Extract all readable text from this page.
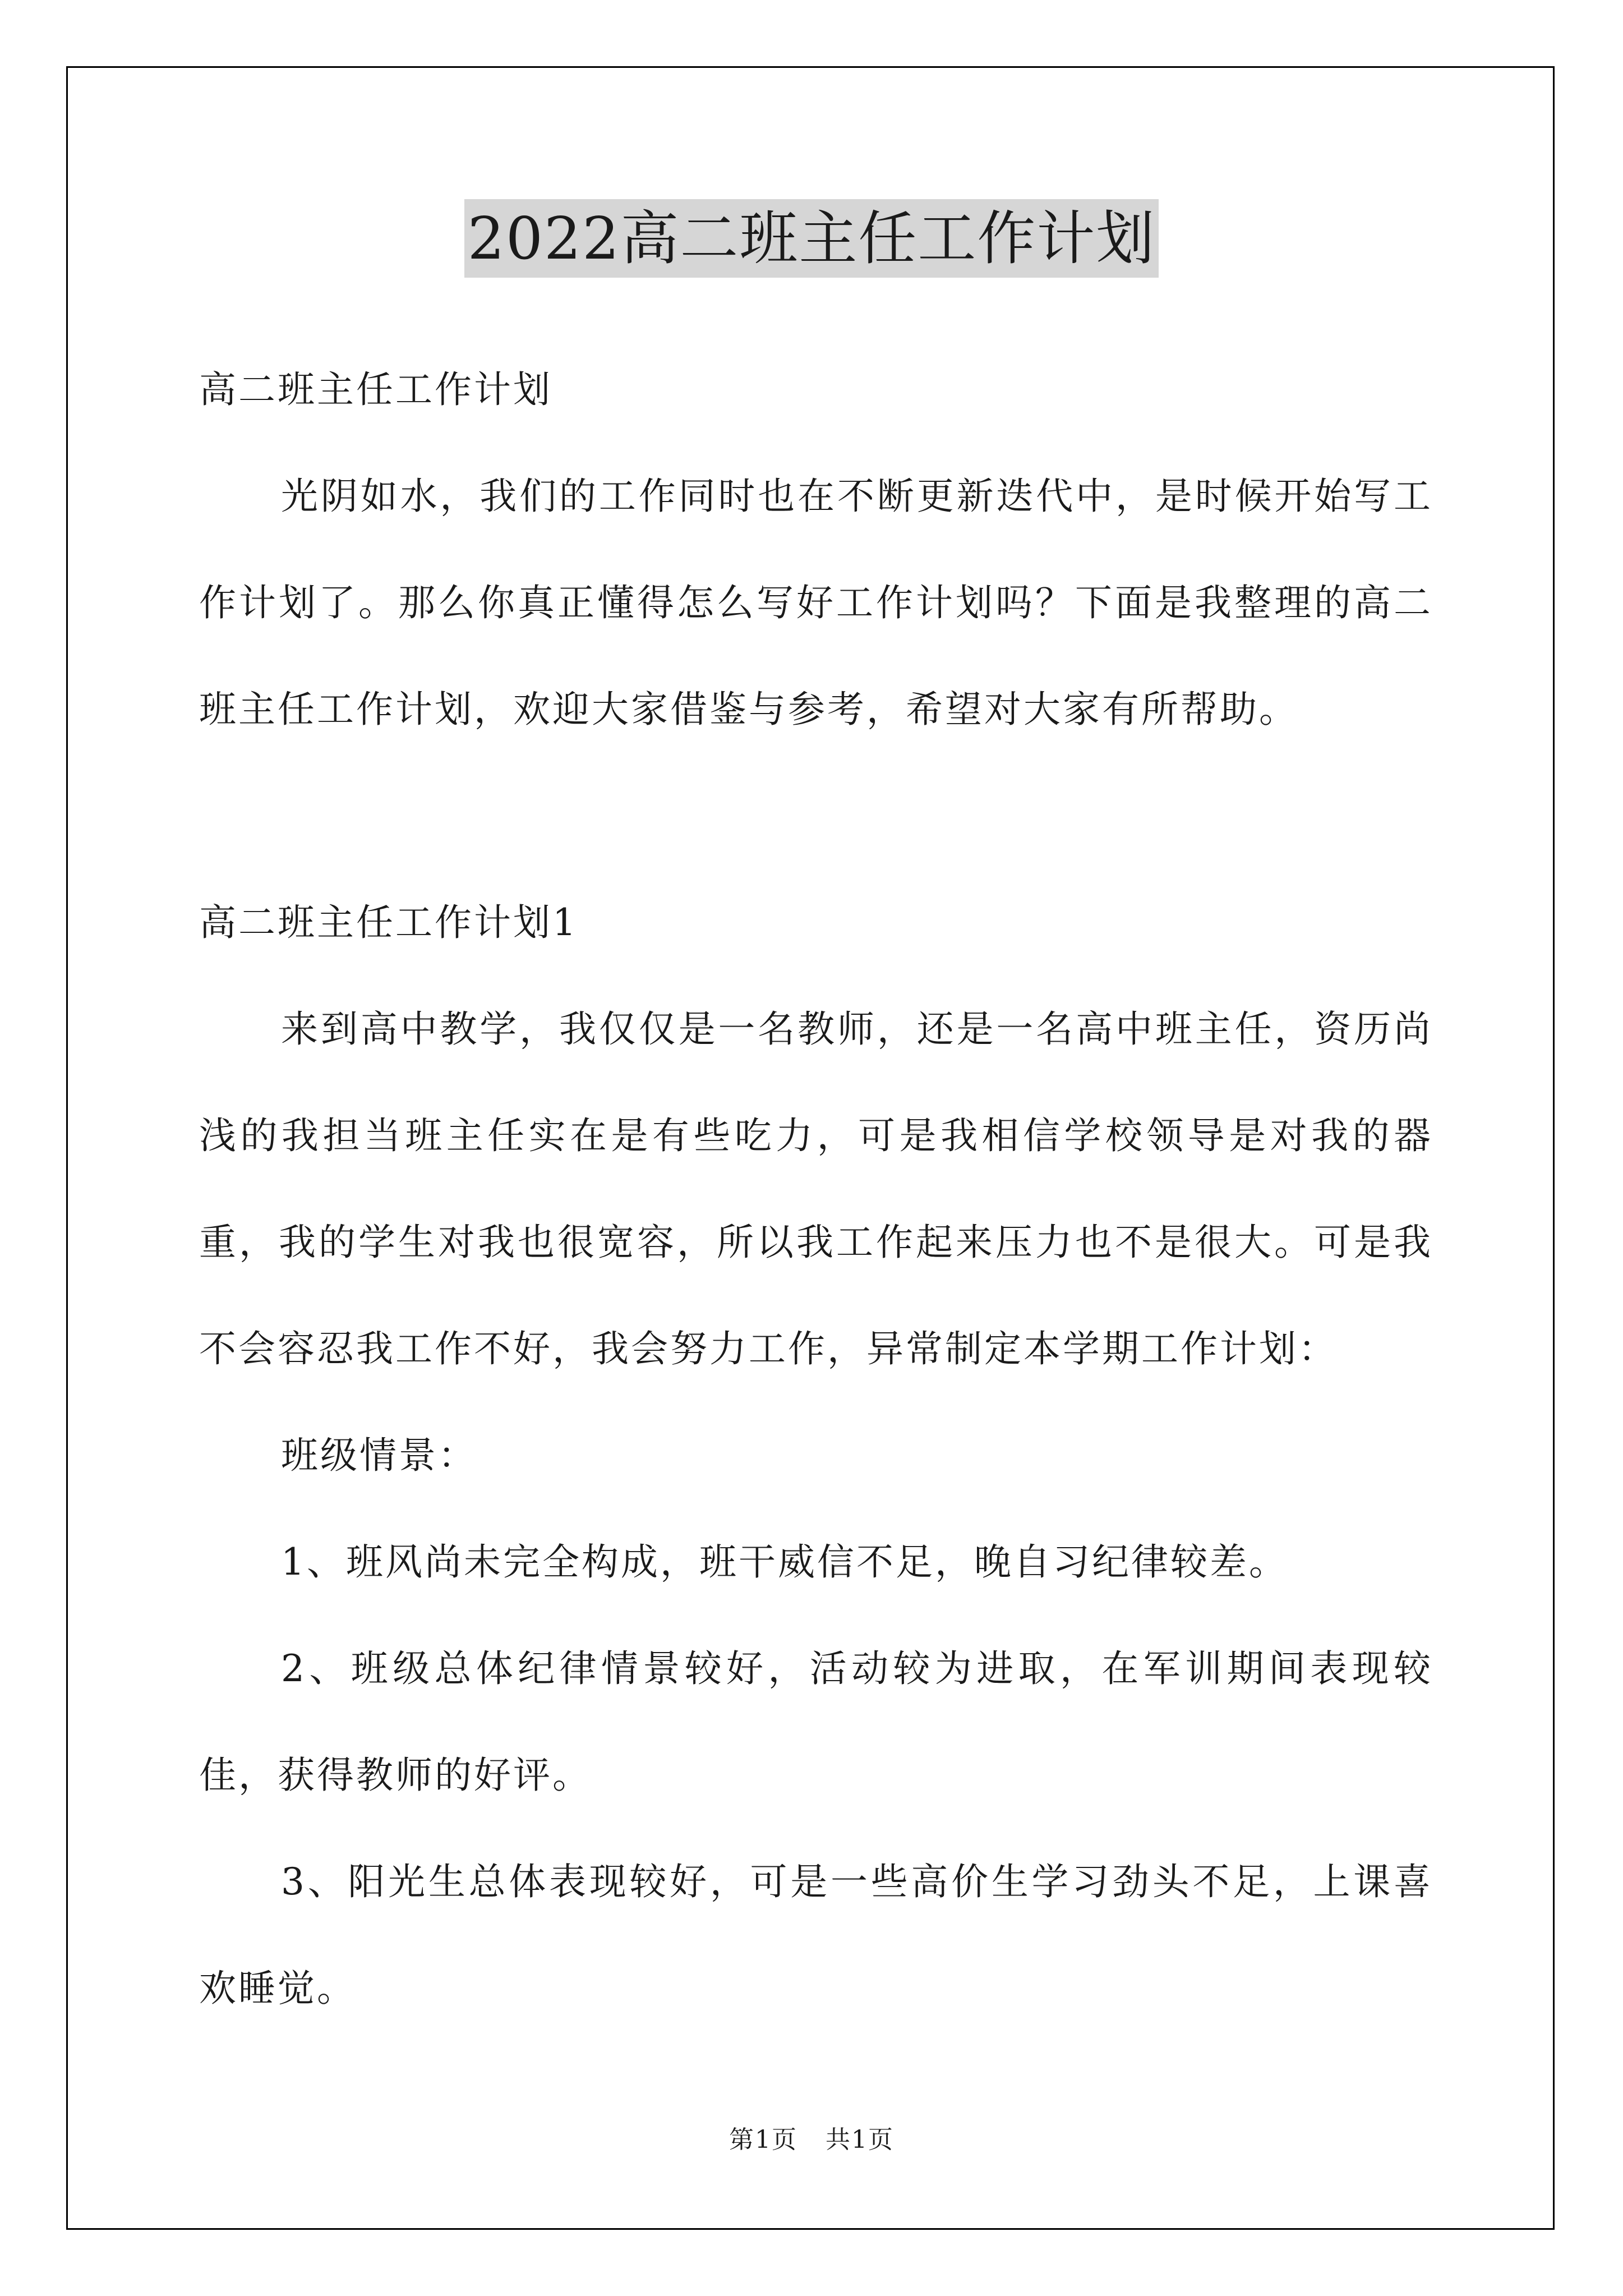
2022高二班主任工作计划

高二班主任工作计划

光阴如水，我们的工作同时也在不断更新迭代中，是时候开始写工作计划了。那么你真正懂得怎么写好工作计划吗？下面是我整理的高二班主任工作计划，欢迎大家借鉴与参考，希望对大家有所帮助。

高二班主任工作计划1

来到高中教学，我仅仅是一名教师，还是一名高中班主任，资历尚浅的我担当班主任实在是有些吃力，可是我相信学校领导是对我的器重，我的学生对我也很宽容，所以我工作起来压力也不是很大。可是我不会容忍我工作不好，我会努力工作，异常制定本学期工作计划：

班级情景：

1、班风尚未完全构成，班干威信不足，晚自习纪律较差。

2、班级总体纪律情景较好，活动较为进取，在军训期间表现较佳，获得教师的好评。

3、阳光生总体表现较好，可是一些高价生学习劲头不足，上课喜欢睡觉。

第1页 共1页
